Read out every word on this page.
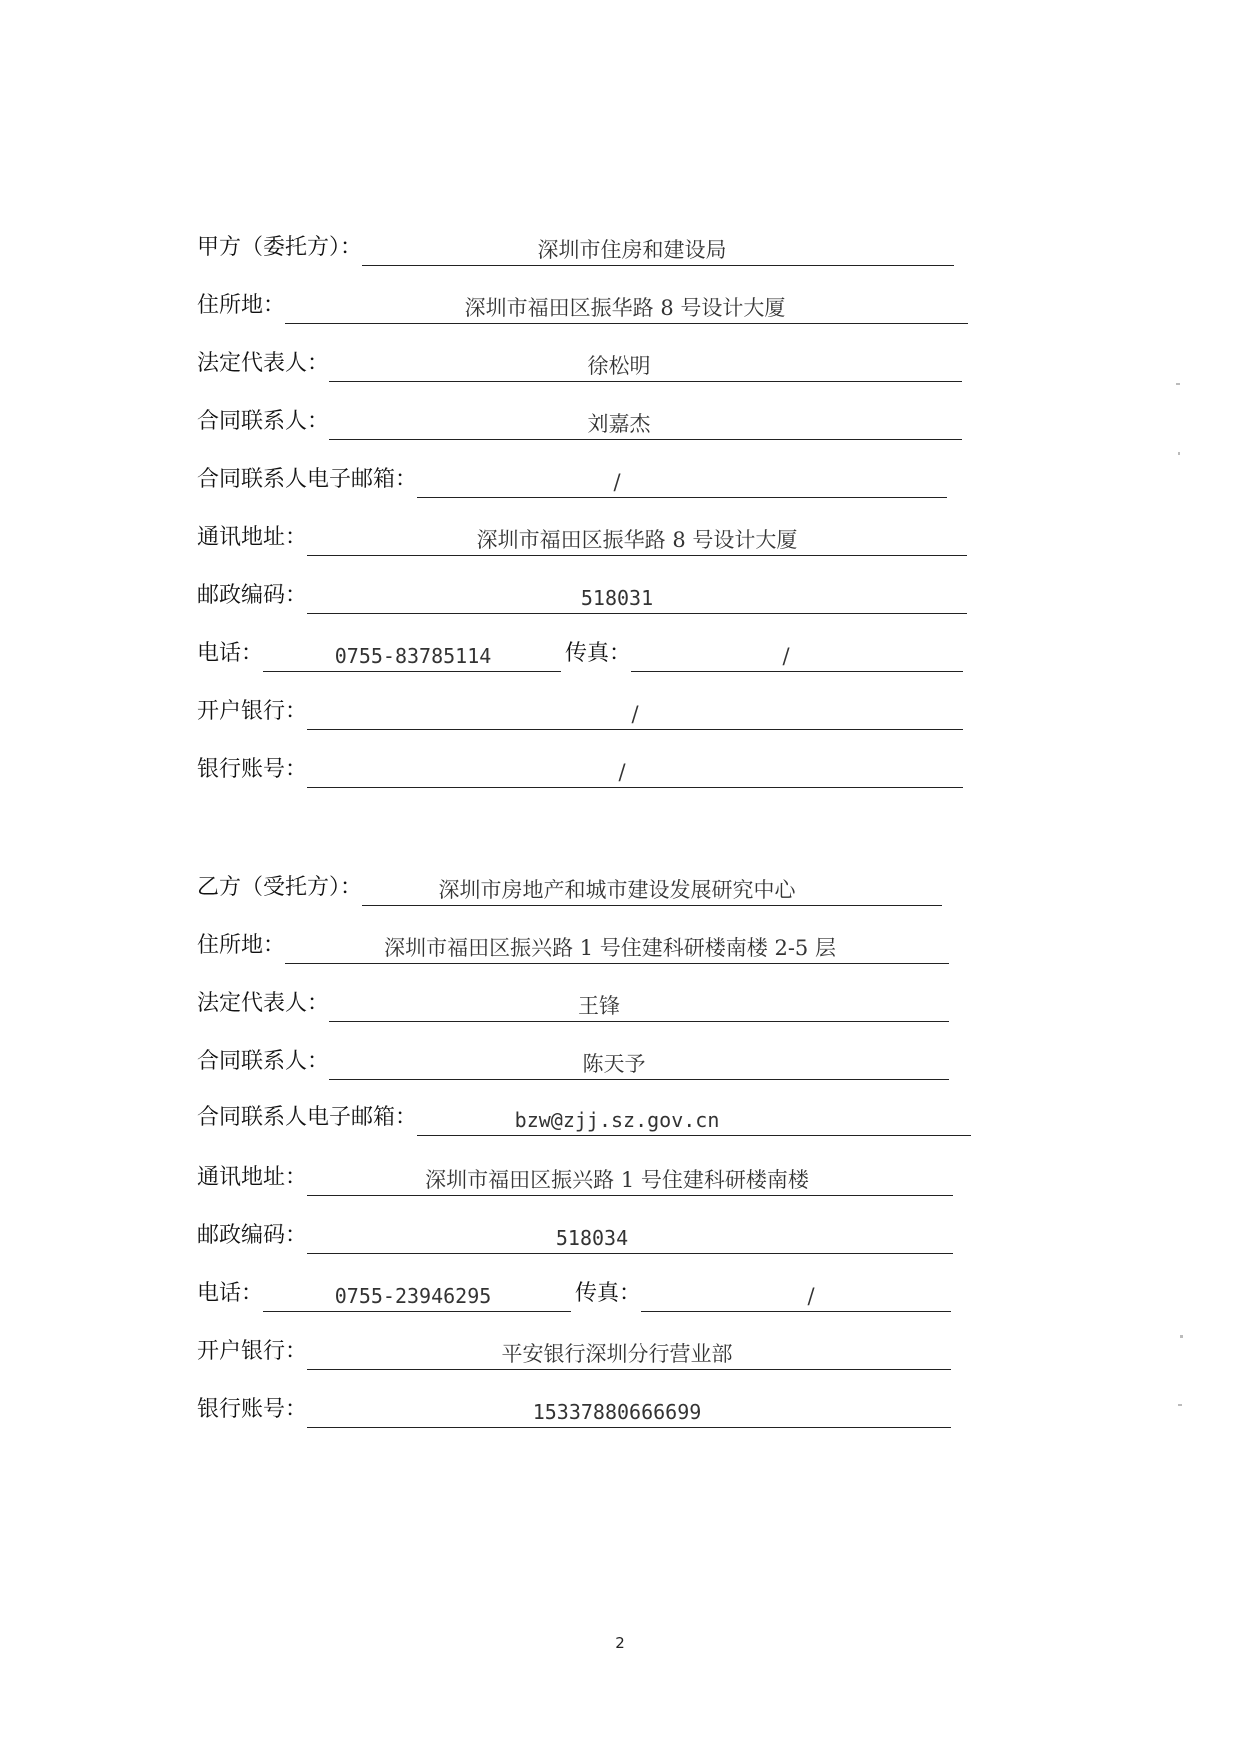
甲方（委托方）：	深圳市住房和建设局
住所地：	深圳市福田区振华路 8 号设计大厦
法定代表人：	徐松明
合同联系人：	刘嘉杰
合同联系人电子邮箱：	/
通讯地址：	深圳市福田区振华路 8 号设计大厦
邮政编码：	518031
电话：	0755-83785114	传真：	/
开户银行：	/
银行账号：	/
乙方（受托方）：	深圳市房地产和城市建设发展研究中心
住所地：	深圳市福田区振兴路 1 号住建科研楼南楼 2-5 层
法定代表人：	王锋
合同联系人：	陈天予
合同联系人电子邮箱：	bzw@zjj.sz.gov.cn
通讯地址：	深圳市福田区振兴路 1 号住建科研楼南楼
邮政编码：	518034
电话：	0755-23946295	传真：	/
开户银行：	平安银行深圳分行营业部
银行账号：	15337880666699
2
